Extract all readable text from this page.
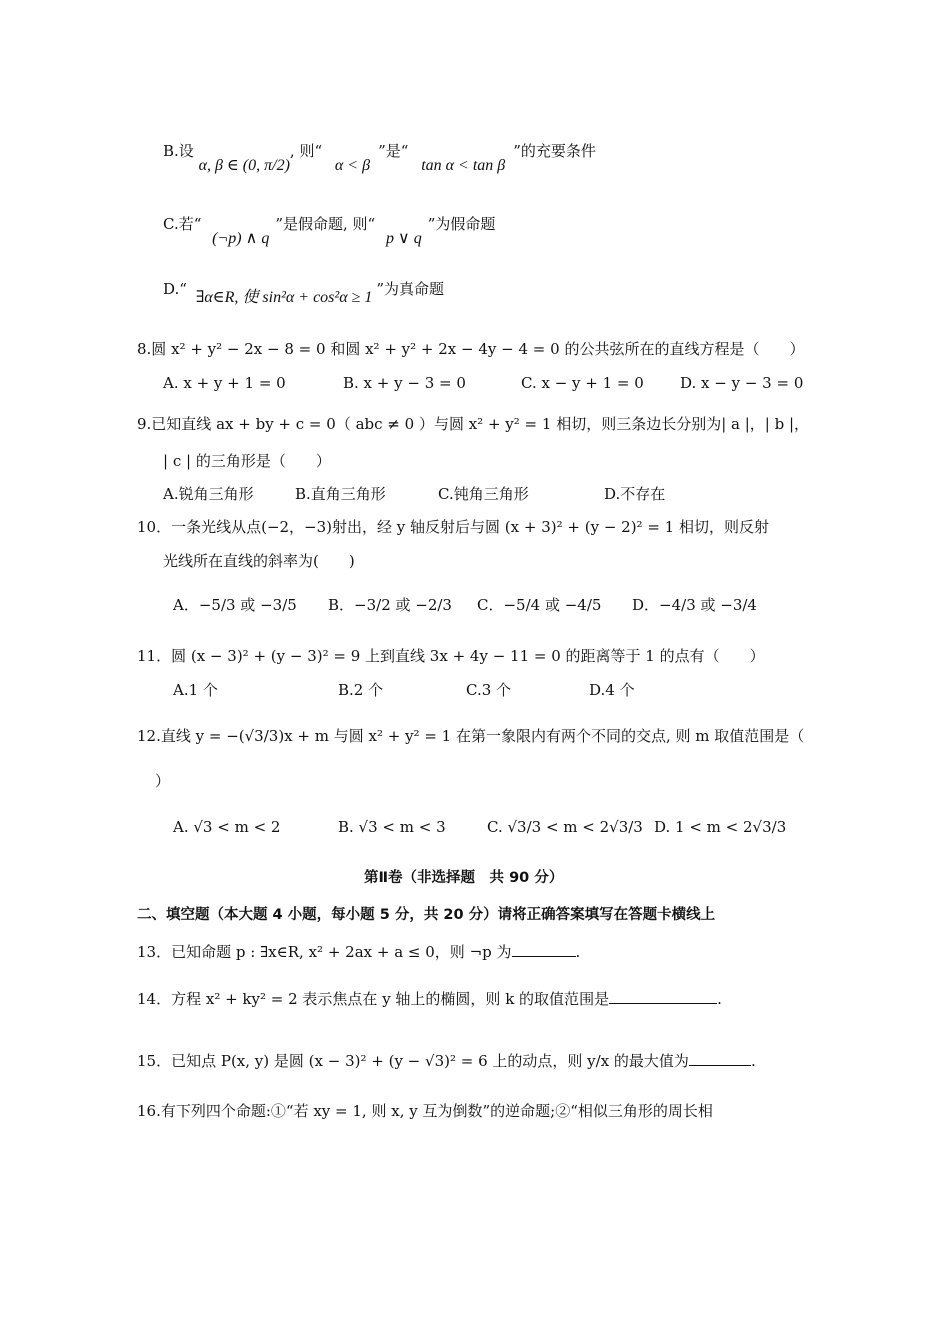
B.设 α, β ∈ (0, π/2), 则“ α < β”是“ tan α < tan β”的充要条件
C.若“ (¬p) ∧ q”是假命题, 则“ p ∨ q”为假命题
D.“ ∃α∈R, 使 sin²α + cos²α ≥ 1 ”为真命题
8.圆 x² + y² − 2x − 8 = 0 和圆 x² + y² + 2x − 4y − 4 = 0 的公共弦所在的直线方程是（　　）
A. x + y + 1 = 0	B. x + y − 3 = 0	C. x − y + 1 = 0 D. x − y − 3 = 0
9.已知直线 ax + by + c = 0（ abc ≠ 0 ）与圆 x² + y² = 1 相切，则三条边长分别为| a |，| b |，
| c | 的三角形是（　　）
A.锐角三角形	B.直角三角形	C.钝角三角形	D.不存在
10．一条光线从点(−2，−3)射出，经 y 轴反射后与圆 (x + 3)² + (y − 2)² = 1 相切，则反射
光线所在直线的斜率为(　　)
A．−5/3 或 −3/5 B．−3/2 或 −2/3 C．−5/4 或 −4/5 D．−4/3 或 −3/4
11．圆 (x − 3)² + (y − 3)² = 9 上到直线 3x + 4y − 11 = 0 的距离等于 1 的点有（　　）
A.1 个	B.2 个	C.3 个	D.4 个
12.直线 y = −(√3/3)x + m 与圆 x² + y² = 1 在第一象限内有两个不同的交点, 则 m 取值范围是（
）
A. √3 < m < 2	B. √3 < m < 3	C. √3/3 < m < 2√3/3 D. 1 < m < 2√3/3
第Ⅱ卷（非选择题　共 90 分）
二、填空题（本大题 4 小题，每小题 5 分，共 20 分）请将正确答案填写在答题卡横线上
13．已知命题 p : ∃x∈R, x² + 2ax + a ≤ 0，则 ¬p 为	.
14．方程 x² + ky² = 2 表示焦点在 y 轴上的椭圆，则 k 的取值范围是	.
15．已知点 P(x, y) 是圆 (x − 3)² + (y − √3)² = 6 上的动点，则 y/x 的最大值为	.
16.有下列四个命题:①“若 xy = 1, 则 x, y 互为倒数”的逆命题;②“相似三角形的周长相
